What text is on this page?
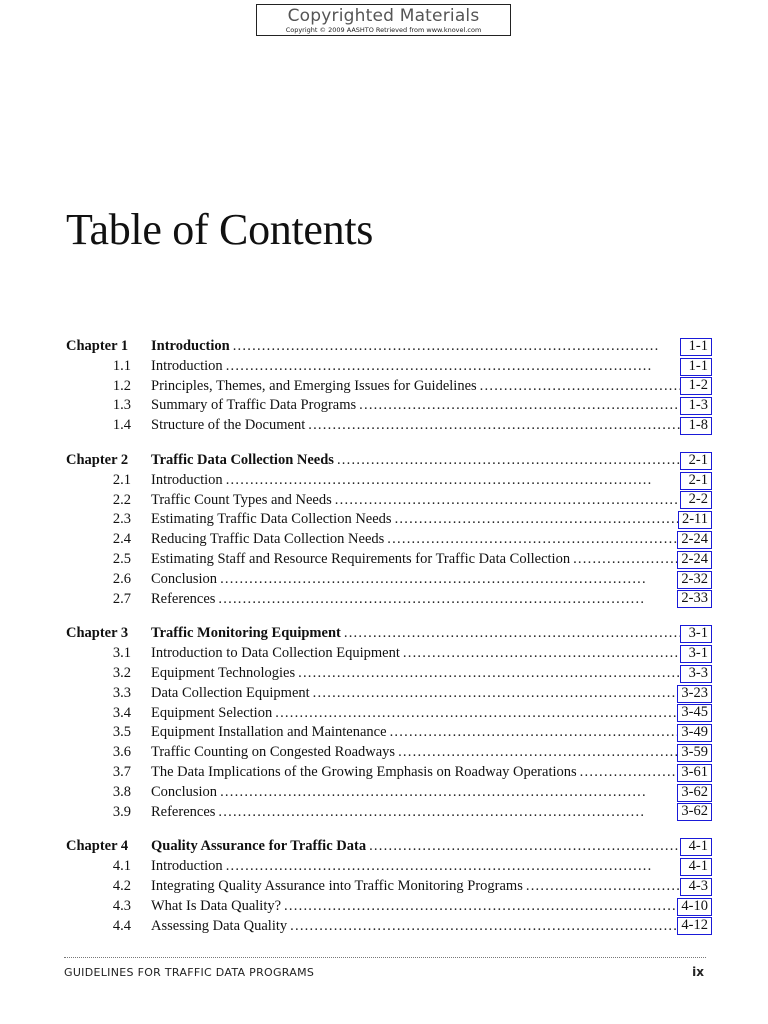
Copyrighted Materials
Copyright © 2009 AASHTO Retrieved from www.knovel.com
Table of Contents
Chapter 1 Introduction . . .	1-1
1.1 Introduction . . .	1-1
1.2 Principles, Themes, and Emerging Issues for Guidelines . . .	1-2
1.3 Summary of Traffic Data Programs . . .	1-3
1.4 Structure of the Document . . .	1-8
Chapter 2 Traffic Data Collection Needs . . .	2-1
2.1 Introduction . . .	2-1
2.2 Traffic Count Types and Needs . . .	2-2
2.3 Estimating Traffic Data Collection Needs . . .	2-11
2.4 Reducing Traffic Data Collection Needs . . .	2-24
2.5 Estimating Staff and Resource Requirements for Traffic Data Collection . . .	2-24
2.6 Conclusion . . .	2-32
2.7 References . . .	2-33
Chapter 3 Traffic Monitoring Equipment . . .	3-1
3.1 Introduction to Data Collection Equipment . . .	3-1
3.2 Equipment Technologies . . .	3-3
3.3 Data Collection Equipment . . .	3-23
3.4 Equipment Selection . . .	3-45
3.5 Equipment Installation and Maintenance . . .	3-49
3.6 Traffic Counting on Congested Roadways . . .	3-59
3.7 The Data Implications of the Growing Emphasis on Roadway Operations . . .	3-61
3.8 Conclusion . . .	3-62
3.9 References . . .	3-62
Chapter 4 Quality Assurance for Traffic Data . . .	4-1
4.1 Introduction . . .	4-1
4.2 Integrating Quality Assurance into Traffic Monitoring Programs . . .	4-3
4.3 What Is Data Quality? . . .	4-10
4.4 Assessing Data Quality . . .	4-12
GUIDELINES FOR TRAFFIC DATA PROGRAMS	ix
